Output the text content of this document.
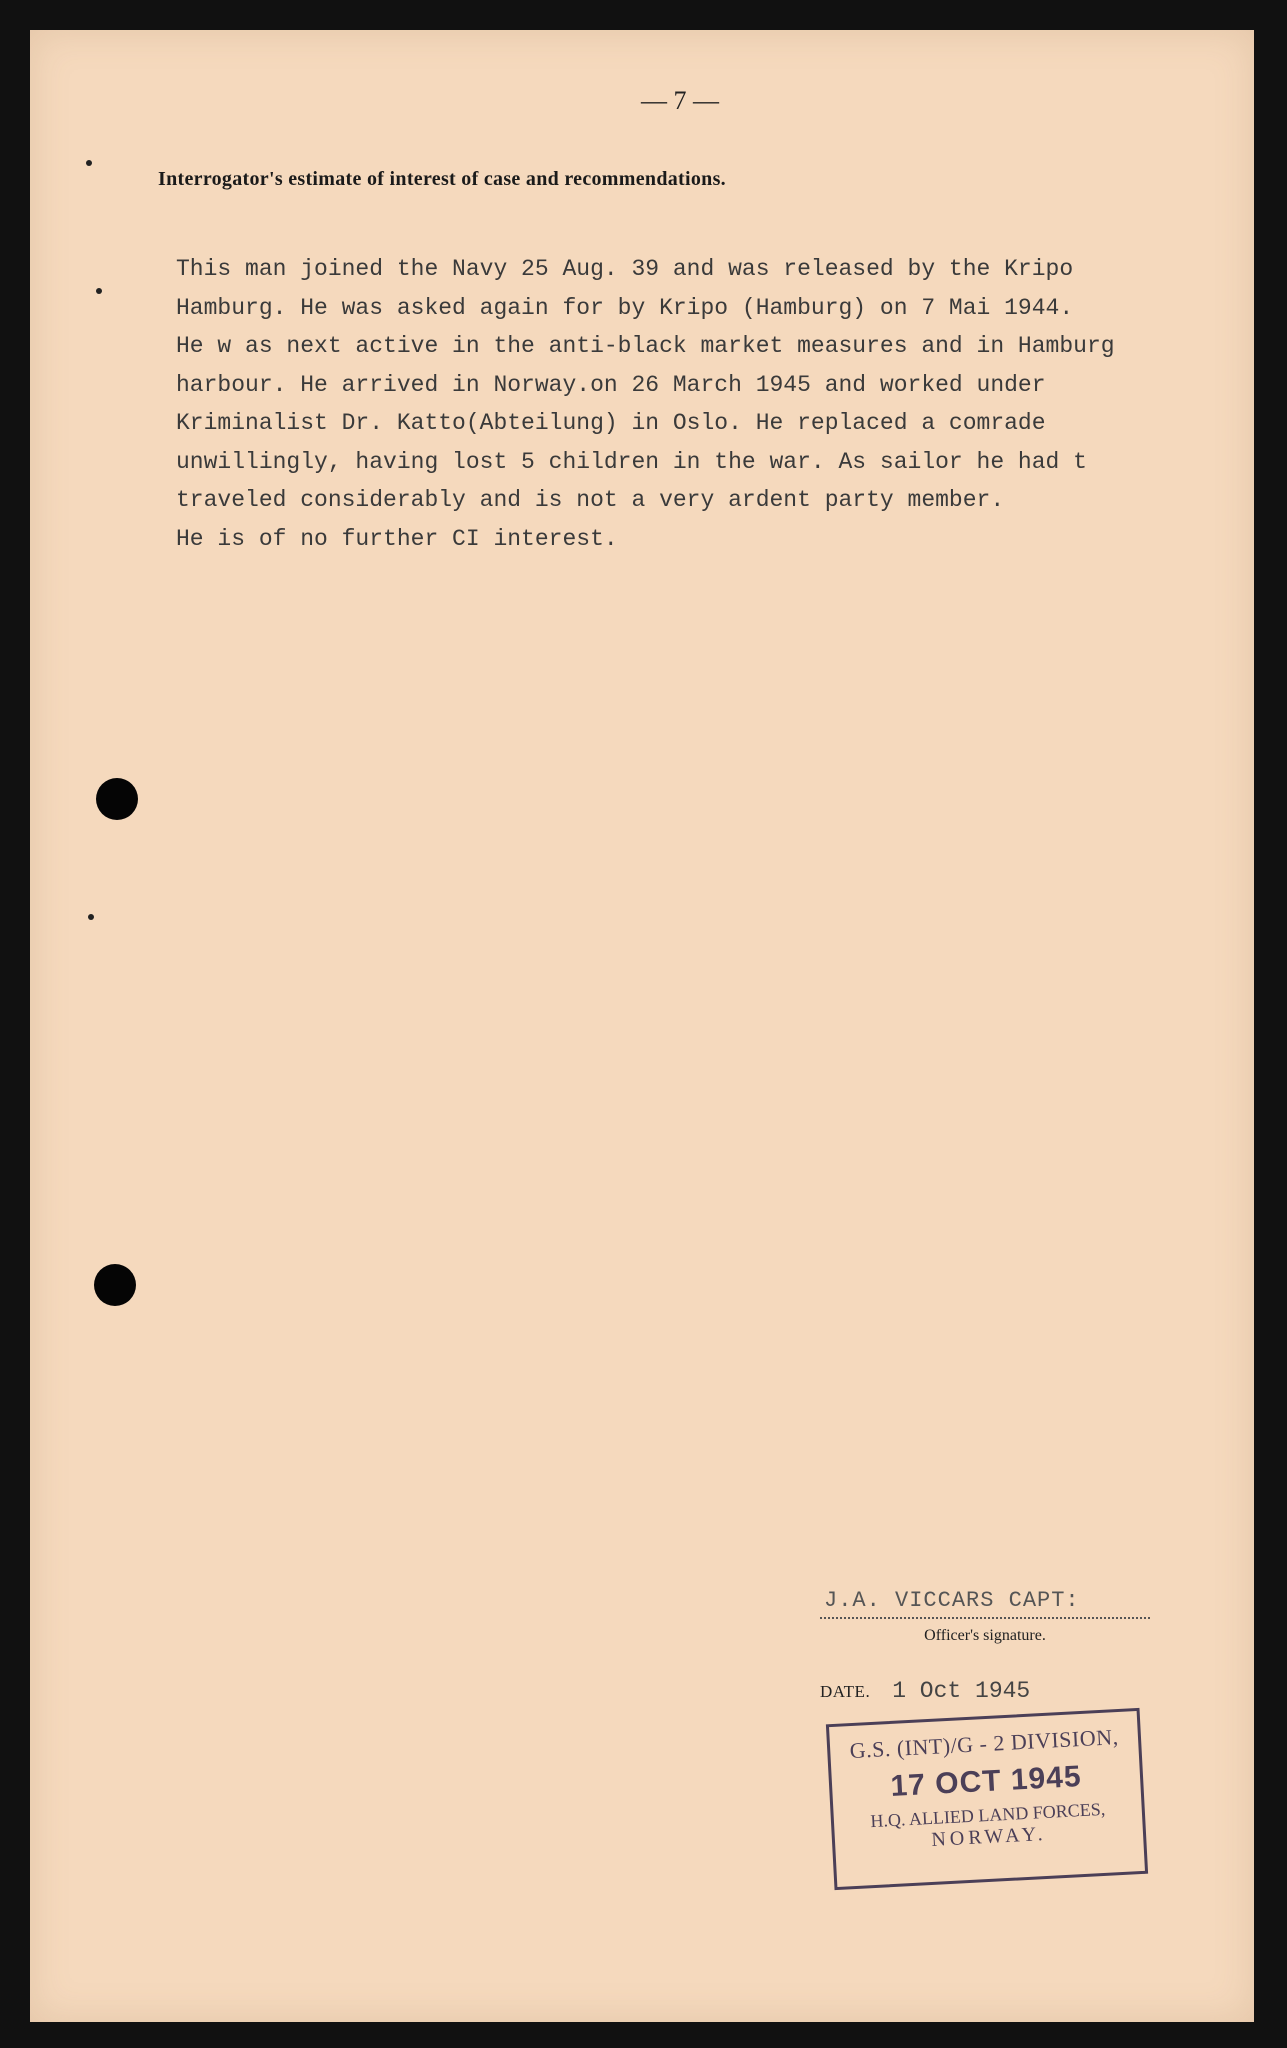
— 7 —
Interrogator's estimate of interest of case and recommendations.
This man joined the Navy 25 Aug. 39 and was released by the Kripo
Hamburg. He was asked again for by Kripo (Hamburg) on 7 Mai 1944.
He w as next active in the anti-black market measures and in Hamburg
harbour. He arrived in Norway.on 26 March 1945 and worked under
Kriminalist Dr. Katto(Abteilung) in Oslo. He replaced a comrade
unwillingly, having lost 5 children in the war. As sailor he had t
traveled considerably and is not a very ardent party member.
He is of no further CI interest.
J.A. VICCARS CAPT:
Officer's signature.
DATE. 1 Oct 1945
G.S. (INT)/G - 2 DIVISION,
17 OCT 1945
H.Q. ALLIED LAND FORCES,
NORWAY.
